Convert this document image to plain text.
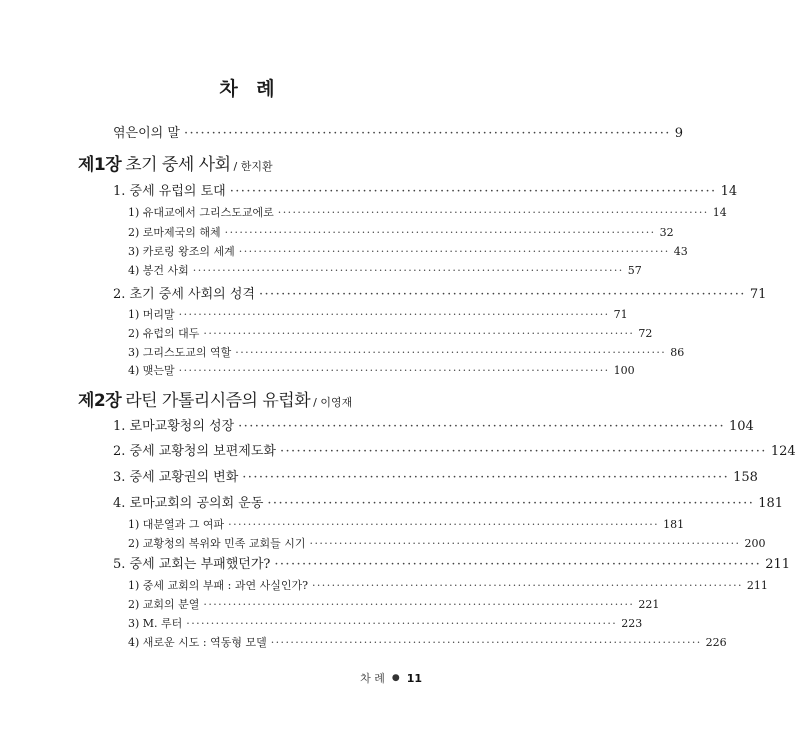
차 례
엮은이의 말 ························································································ 9
제1장 초기 중세 사회 / 한지환
1. 중세 유럽의 토대 ························································································ 14
1) 유대교에서 그리스도교에로 ························································································ 14
2) 로마제국의 해체 ························································································ 32
3) 카로링 왕조의 세계 ························································································ 43
4) 봉건 사회 ························································································ 57
2. 초기 중세 사회의 성격 ························································································ 71
1) 머리말 ························································································ 71
2) 유럽의 대두 ························································································ 72
3) 그리스도교의 역할 ························································································ 86
4) 맺는말 ························································································ 100
제2장 라틴 가톨리시즘의 유럽화 / 이영재
1. 로마교황청의 성장 ························································································ 104
2. 중세 교황청의 보편제도화 ························································································ 124
3. 중세 교황권의 변화 ························································································ 158
4. 로마교회의 공의회 운동 ························································································ 181
1) 대분열과 그 여파 ························································································ 181
2) 교황청의 복위와 민족 교회들 시기 ························································································ 200
5. 중세 교회는 부패했던가? ························································································ 211
1) 중세 교회의 부패 : 과연 사실인가? ························································································ 211
2) 교회의 분열 ························································································ 221
3) M. 루터 ························································································ 223
4) 새로운 시도 : 역동형 모델 ························································································ 226
차 례 ● 11
